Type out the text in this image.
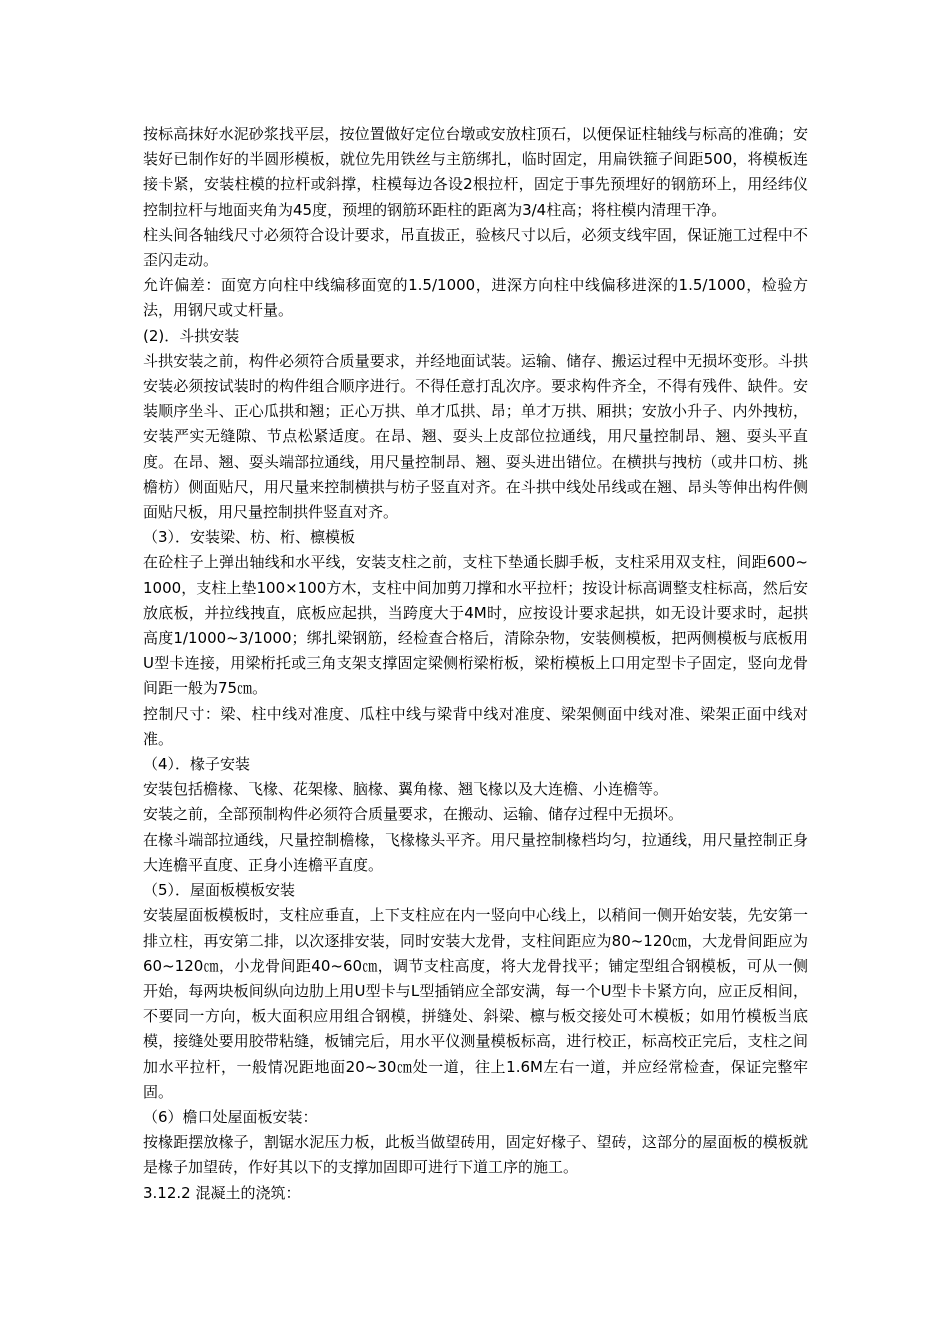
按标高抹好水泥砂浆找平层，按位置做好定位台墩或安放柱顶石，以便保证柱轴线与标高的准确；安装好已制作好的半圆形模板，就位先用铁丝与主筋绑扎，临时固定，用扁铁箍子间距500，将模板连接卡紧，安装柱模的拉杆或斜撑，柱模每边各设2根拉杆，固定于事先预埋好的钢筋环上，用经纬仪控制拉杆与地面夹角为45度，预埋的钢筋环距柱的距离为3/4柱高；将柱模内清理干净。

柱头间各轴线尺寸必须符合设计要求，吊直拔正，验核尺寸以后，必须支线牢固，保证施工过程中不歪闪走动。

允许偏差：面宽方向柱中线编移面宽的1.5/1000，进深方向柱中线偏移进深的1.5/1000，检验方法，用钢尺或丈杆量。

(2)．斗拱安装

斗拱安装之前，构件必须符合质量要求，并经地面试装。运输、储存、搬运过程中无损坏变形。斗拱安装必须按试装时的构件组合顺序进行。不得任意打乱次序。要求构件齐全，不得有残件、缺件。安装顺序坐斗、正心瓜拱和翘；正心万拱、单才瓜拱、昂；单才万拱、厢拱；安放小升子、内外拽枋，安装严实无缝隙、节点松紧适度。在昂、翘、耍头上皮部位拉通线，用尺量控制昂、翘、耍头平直度。在昂、翘、耍头端部拉通线，用尺量控制昂、翘、耍头进出错位。在横拱与拽枋（或井口枋、挑檐枋）侧面贴尺，用尺量来控制横拱与枋子竖直对齐。在斗拱中线处吊线或在翘、昂头等伸出构件侧面贴尺板，用尺量控制拱件竖直对齐。

（3）．安装梁、枋、桁、檩模板

在砼柱子上弹出轴线和水平线，安装支柱之前，支柱下垫通长脚手板，支柱采用双支柱，间距600~1000，支柱上垫100×100方木，支柱中间加剪刀撑和水平拉杆；按设计标高调整支柱标高，然后安放底板，并拉线拽直，底板应起拱，当跨度大于4M时，应按设计要求起拱，如无设计要求时，起拱高度1/1000~3/1000；绑扎梁钢筋，经检查合格后，清除杂物，安装侧模板，把两侧模板与底板用U型卡连接，用梁桁托或三角支架支撑固定梁侧桁梁桁板，梁桁模板上口用定型卡子固定，竖向龙骨间距一般为75㎝。

控制尺寸：梁、柱中线对准度、瓜柱中线与梁背中线对准度、梁架侧面中线对准、梁架正面中线对准。

（4）．椽子安装

安装包括檐椽、飞椽、花架椽、脑椽、翼角椽、翘飞椽以及大连檐、小连檐等。

安装之前，全部预制构件必须符合质量要求，在搬动、运输、储存过程中无损坏。

在椽斗端部拉通线，尺量控制檐椽，飞椽椽头平齐。用尺量控制椽档均匀，拉通线，用尺量控制正身大连檐平直度、正身小连檐平直度。

（5）．屋面板模板安装

安装屋面板模板时，支柱应垂直，上下支柱应在内一竖向中心线上，以稍间一侧开始安装，先安第一排立柱，再安第二排，以次逐排安装，同时安装大龙骨，支柱间距应为80~120㎝，大龙骨间距应为60~120㎝，小龙骨间距40~60㎝，调节支柱高度，将大龙骨找平；铺定型组合钢模板，可从一侧开始，每两块板间纵向边肋上用U型卡与L型插销应全部安满，每一个U型卡卡紧方向，应正反相间，不要同一方向，板大面积应用组合钢模，拼缝处、斜梁、檩与板交接处可木模板；如用竹模板当底模，接缝处要用胶带粘缝，板铺完后，用水平仪测量模板标高，进行校正，标高校正完后，支柱之间加水平拉杆，一般情况距地面20~30㎝处一道，往上1.6M左右一道，并应经常检查，保证完整牢固。

（6）檐口处屋面板安装：

按椽距摆放椽子，割锯水泥压力板，此板当做望砖用，固定好椽子、望砖，这部分的屋面板的模板就是椽子加望砖，作好其以下的支撑加固即可进行下道工序的施工。

3.12.2 混凝土的浇筑：
